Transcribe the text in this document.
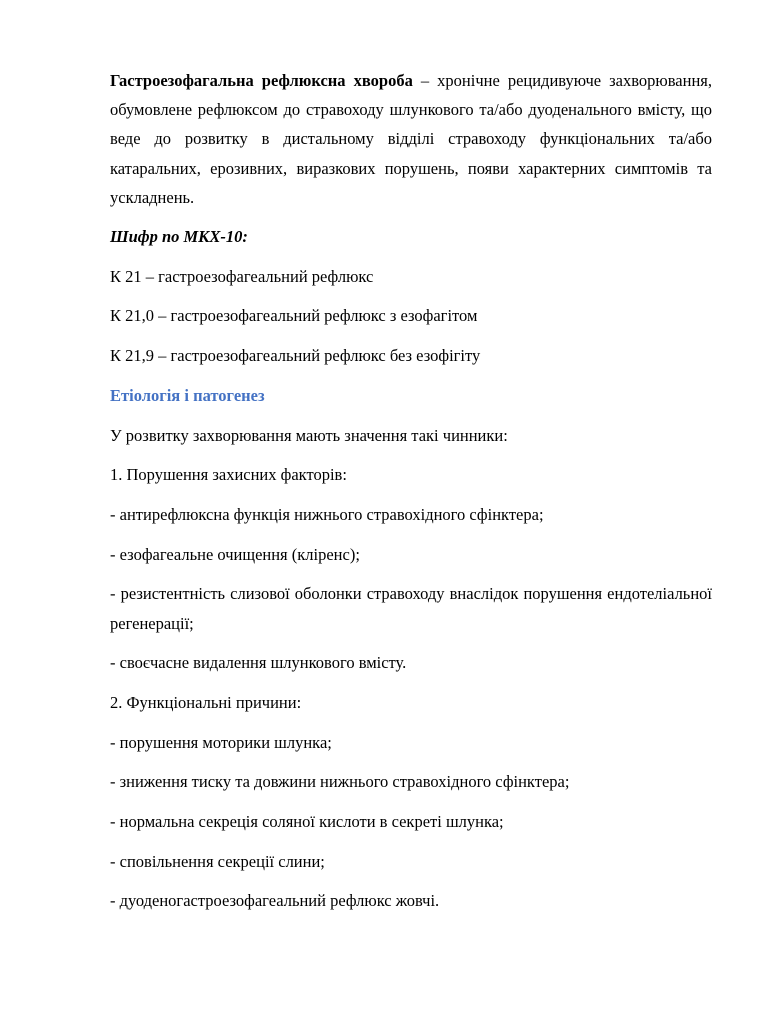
Гастроезофагальна рефлюксна хвороба – хронічне рецидивуюче захворювання, обумовлене рефлюксом до стравоходу шлункового та/або дуоденального вмісту, що веде до розвитку в дистальному відділі стравоходу функціональних та/або катаральних, ерозивних, виразкових порушень, появи характерних симптомів та ускладнень.

Шифр по МКХ-10:

К 21 – гастроезофагеальний рефлюкс

К 21,0 – гастроезофагеальний рефлюкс з езофагітом

К 21,9 – гастроезофагеальний рефлюкс без езофігіту

Етіологія і патогенез

У розвитку захворювання мають значення такі чинники:

1. Порушення захисних факторів:

- антирефлюксна функція нижнього стравохідного сфінктера;

- езофагеальне очищення (кліренс);

- резистентність слизової оболонки стравоходу внаслідок порушення ендотеліальної регенерації;

- своєчасне видалення шлункового вмісту.

2. Функціональні причини:

- порушення моторики шлунка;

- зниження тиску та довжини нижнього стравохідного сфінктера;

- нормальна секреція соляної кислоти в секреті шлунка;

- сповільнення секреції слини;

- дуоденогастроезофагеальний рефлюкс жовчі.
